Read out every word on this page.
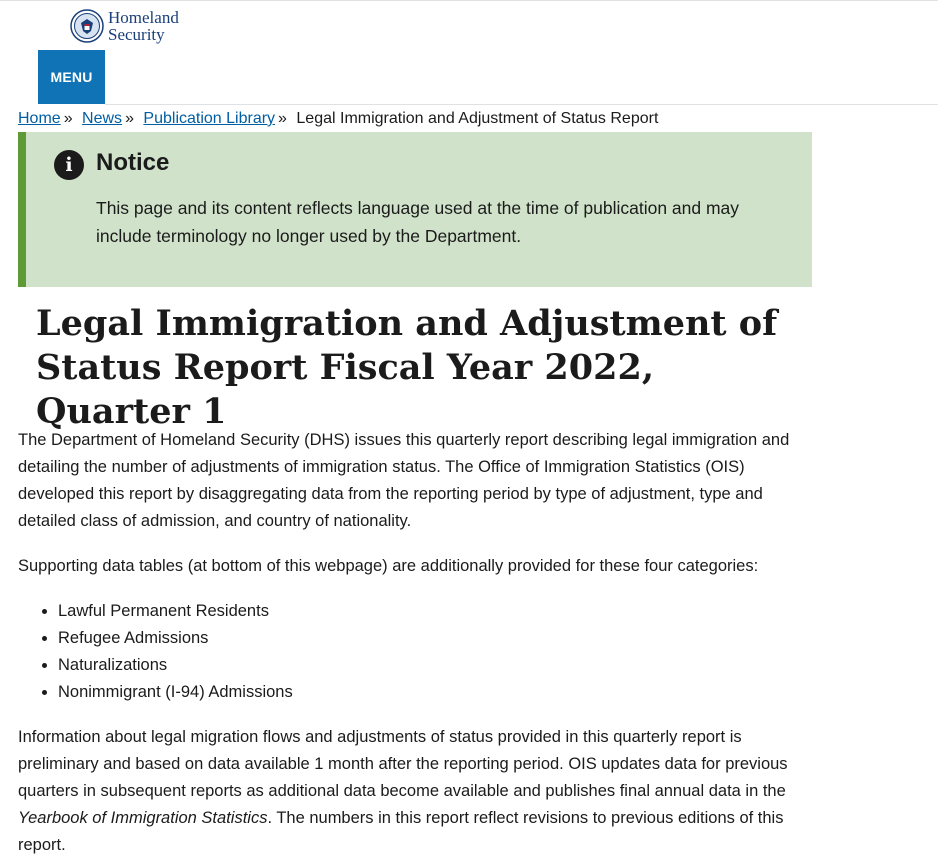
Homeland
Security
MENU
Home » News » Publication Library » Legal Immigration and Adjustment of Status Report
i Notice

This page and its content reflects language used at the time of publication and may include terminology no longer used by the Department.

Legal Immigration and Adjustment of Status Report Fiscal Year 2022, Quarter 1

The Department of Homeland Security (DHS) issues this quarterly report describing legal immigration and detailing the number of adjustments of immigration status. The Office of Immigration Statistics (OIS) developed this report by disaggregating data from the reporting period by type of adjustment, type and detailed class of admission, and country of nationality.

Supporting data tables (at bottom of this webpage) are additionally provided for these four categories:

• Lawful Permanent Residents
• Refugee Admissions
• Naturalizations
• Nonimmigrant (I-94) Admissions

Information about legal migration flows and adjustments of status provided in this quarterly report is preliminary and based on data available 1 month after the reporting period. OIS updates data for previous quarters in subsequent reports as additional data become available and publishes final annual data in the Yearbook of Immigration Statistics. The numbers in this report reflect revisions to previous editions of this report.
